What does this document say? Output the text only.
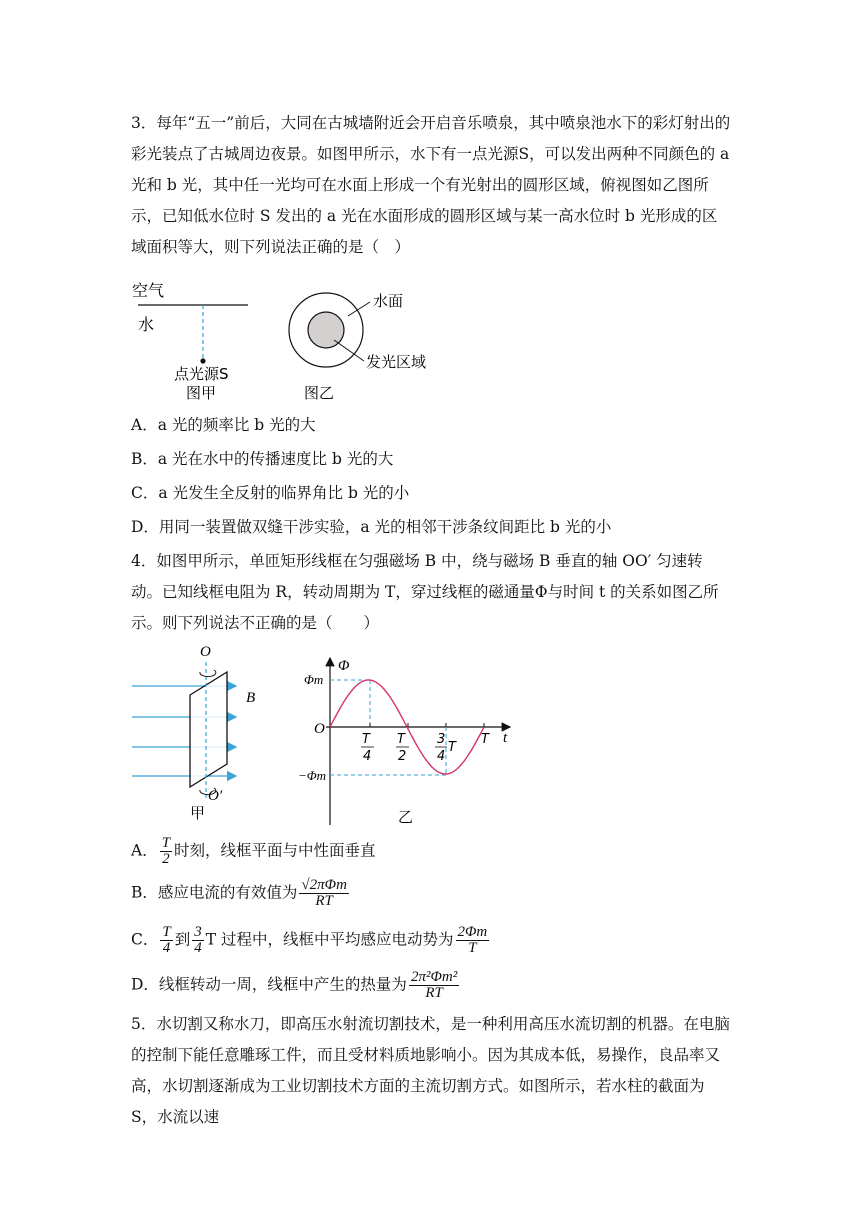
3．每年“五一”前后，大同在古城墙附近会开启音乐喷泉，其中喷泉池水下的彩灯射出的彩光装点了古城周边夜景。如图甲所示，水下有一点光源S，可以发出两种不同颜色的 a 光和 b 光，其中任一光均可在水面上形成一个有光射出的圆形区域，俯视图如乙图所示，已知低水位时 S 发出的 a 光在水面形成的圆形区域与某一高水位时 b 光形成的区域面积等大，则下列说法正确的是（　）
空气
水
点光源S
图甲
水面
发光区域
图乙
A．a 光的频率比 b 光的大
B．a 光在水中的传播速度比 b 光的大
C．a 光发生全反射的临界角比 b 光的小
D．用同一装置做双缝干涉实验，a 光的相邻干涉条纹间距比 b 光的小
4．如图甲所示，单匝矩形线框在匀强磁场 B 中，绕与磁场 B 垂直的轴 OO′ 匀速转动。已知线框电阻为 R，转动周期为 T，穿过线框的磁通量Φ与时间 t 的关系如图乙所示。则下列说法不正确的是（　　）
O
B
O′
甲
Φ
Φm
−Φm
O
t
T
4
T
2
3
4
T
T
乙
A． $\frac{T}{2}$ 时刻，线框平面与中性面垂直
B．感应电流的有效值为 $\frac{\text{√2πΦm}}{RT}$
C． $\frac{T}{4}$ 到 $\frac{3}{4}$ T 过程中，线框中平均感应电动势为 $\frac{2\Phi m}{T}$
D．线框转动一周，线框中产生的热量为 $\frac{\text{2π²Φm²}}{RT}$
5．水切割又称水刀，即高压水射流切割技术，是一种利用高压水流切割的机器。在电脑的控制下能任意雕琢工件，而且受材料质地影响小。因为其成本低，易操作，良品率又高，水切割逐渐成为工业切割技术方面的主流切割方式。如图所示，若水柱的截面为 S，水流以速
